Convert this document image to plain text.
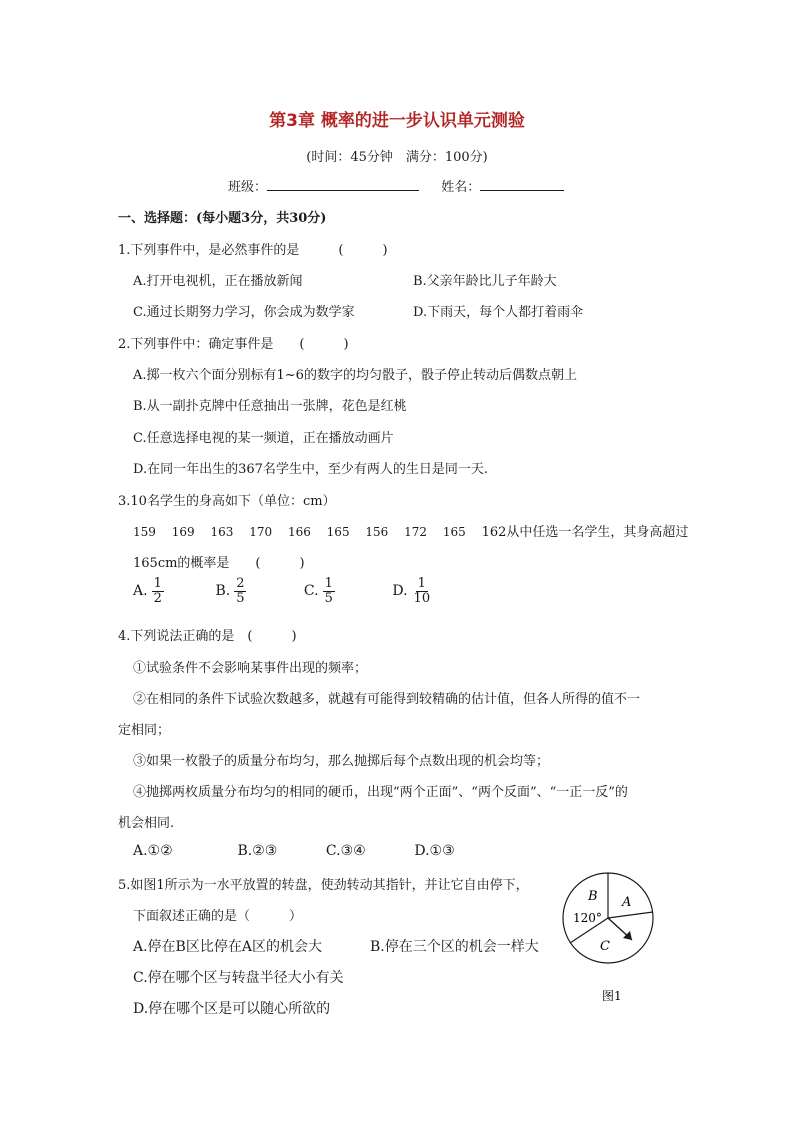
第3章 概率的进一步认识单元测验
(时间：45分钟　满分：100分)
班级：	姓名：
一、选择题：(每小题3分，共30分)
1.下列事件中，是必然事件的是　　　(　　　)
A.打开电视机，正在播放新闻	B.父亲年龄比儿子年龄大
C.通过长期努力学习，你会成为数学家	D.下雨天，每个人都打着雨伞
2.下列事件中：确定事件是　　(　　　)
A.掷一枚六个面分别标有1~6的数字的均匀骰子，骰子停止转动后偶数点朝上
B.从一副扑克牌中任意抽出一张牌，花色是红桃
C.任意选择电视的某一频道，正在播放动画片
D.在同一年出生的367名学生中，至少有两人的生日是同一天.
3.10名学生的身高如下（单位：cm）
159 169 163 170 166 165 156 172 165 162从中任选一名学生，其身高超过
165cm的概率是　　(　　　)
A. $\frac{1}{2}$	B. $\frac{2}{5}$	C. $\frac{1}{5}$	D. $\frac{1}{10}$
4.下列说法正确的是　(　　　)
①试验条件不会影响某事件出现的频率；
②在相同的条件下试验次数越多，就越有可能得到较精确的估计值，但各人所得的值不一
定相同；
③如果一枚骰子的质量分布均匀，那么抛掷后每个点数出现的机会均等；
④抛掷两枚质量分布均匀的相同的硬币，出现“两个正面”、“两个反面”、“一正一反”的
机会相同.
A.①②	B.②③	C.③④	D.①③
5.如图1所示为一水平放置的转盘，使劲转动其指针，并让它自由停下，
下面叙述正确的是（　　　）
A.停在B区比停在A区的机会大	B.停在三个区的机会一样大
C.停在哪个区与转盘半径大小有关
D.停在哪个区是可以随心所欲的
B A
C
120°
图1
